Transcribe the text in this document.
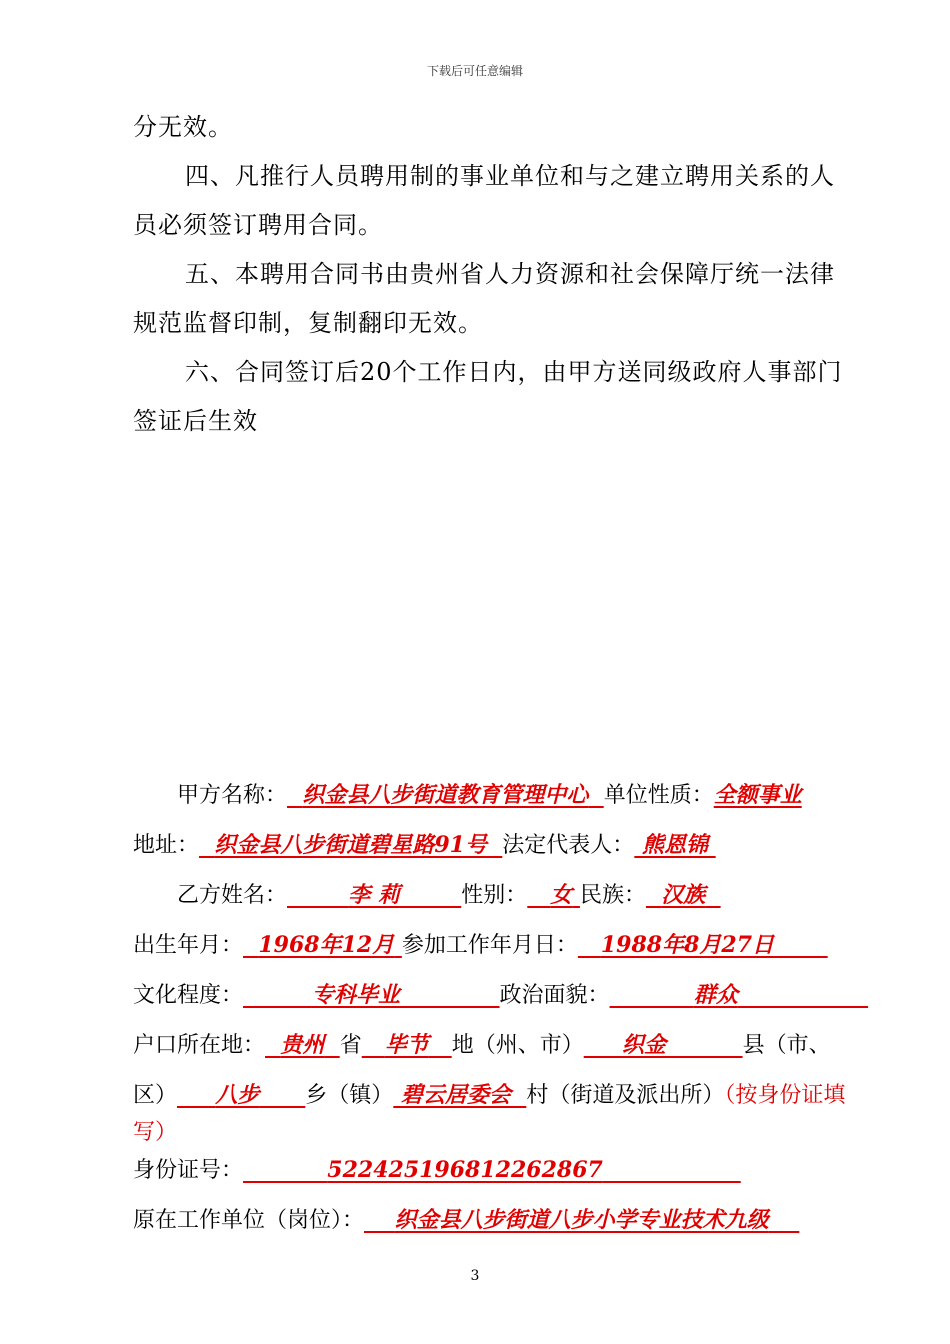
下载后可任意编辑

分无效。

四、凡推行人员聘用制的事业单位和与之建立聘用关系的人员必须签订聘用合同。

五、本聘用合同书由贵州省人力资源和社会保障厅统一法律规范监督印制，复制翻印无效。

六、合同签订后20个工作日内，由甲方送同级政府人事部门签证后生效

甲方名称： 织金县八步街道教育管理中心 单位性质：全额事业
地址： 织金县八步街道碧星路91号 法定代表人： 熊恩锦
乙方姓名：	李 莉	性别： 女 民族： 汉族
出生年月： 1968年12月 参加工作年月日： 1988年8月27日
文化程度：	专科毕业	政治面貌：	群众
户口所在地： 贵州 省 毕节 地（州、市） 织金	县（市、
区） 八步 乡（镇） 碧云居委会 村（街道及派出所）（按身份证填
写）
身份证号：	522425196812262867
原在工作单位（岗位）： 织金县八步街道八步小学专业技术九级
3
